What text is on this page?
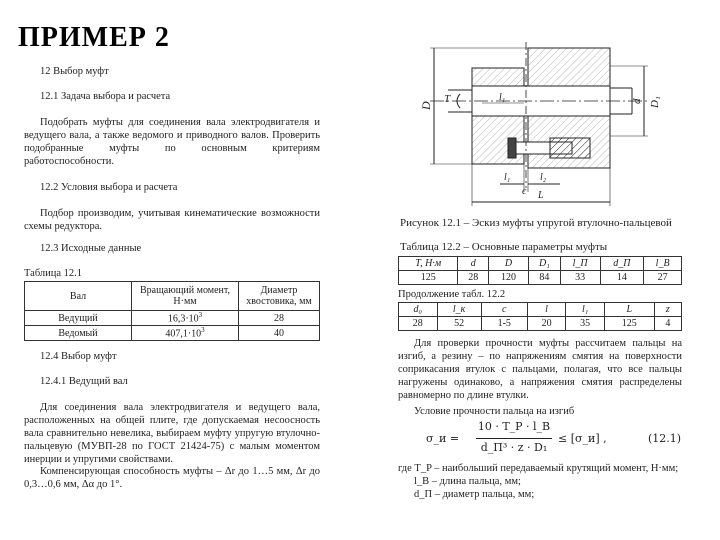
ПРИМЕР 2
12 Выбор муфт
12.1 Задача выбора и расчета
Подобрать муфты для соединения вала электродвигателя и ведущего вала, а также ведомого и приводного валов. Проверить подобранные муфты по основным критериям работоспособности.
12.2 Условия выбора и расчета
Подбор производим, учитывая кинематические возможности схемы редуктора.
12.3 Исходные данные
Таблица 12.1
Вал	Вращающий момент, Н·мм	Диаметр хвостовика, мм
Ведущий	$16,3\cdot 10^3$	28
Ведомый	$407,1\cdot 10^3$	40
12.4 Выбор муфт
12.4.1 Ведущий вал
Для соединения вала электродвигателя и ведущего вала, расположенных на общей плите, где допускаемая несоосность вала сравнительно невелика, выбираем муфту упругую втулочно-пальцевую (МУВП-28 по ГОСТ 21424-75) с малым моментом инерции и упругими свойствами.
Компенсирующая способность муфты – Δr до 1…5 мм, Δr до 0,3…0,6 мм, Δα до 1°.
D
T	l₁	d D₁
l₁	l₂
c L
Рисунок 12.1 – Эскиз муфты упругой втулочно-пальцевой
Таблица 12.2 – Основные параметры муфты
T, Н·м	d	D	D₁	l_П	d_П	l_В
125	28	120	84	33	14	27
Продолжение табл. 12.2
d₀	l_к	c	l	l₁	L	z
28	52	1-5	20	35	125	4
Для проверки прочности муфты рассчитаем пальцы на изгиб, а резину – по напряжениям смятия на поверхности соприкасания втулок с пальцами, полагая, что все пальцы нагружены одинаково, а напряжения смятия распределены равномерно по длине втулки.
Условие прочности пальца на изгиб
σ_и =
10 · T_P · l_В
d_П³ · z · D₁
≤ [σ_и] ,	(12.1)
где T_P – наибольший передаваемый крутящий момент, Н·мм;
l_В – длина пальца, мм;
d_П – диаметр пальца, мм;
